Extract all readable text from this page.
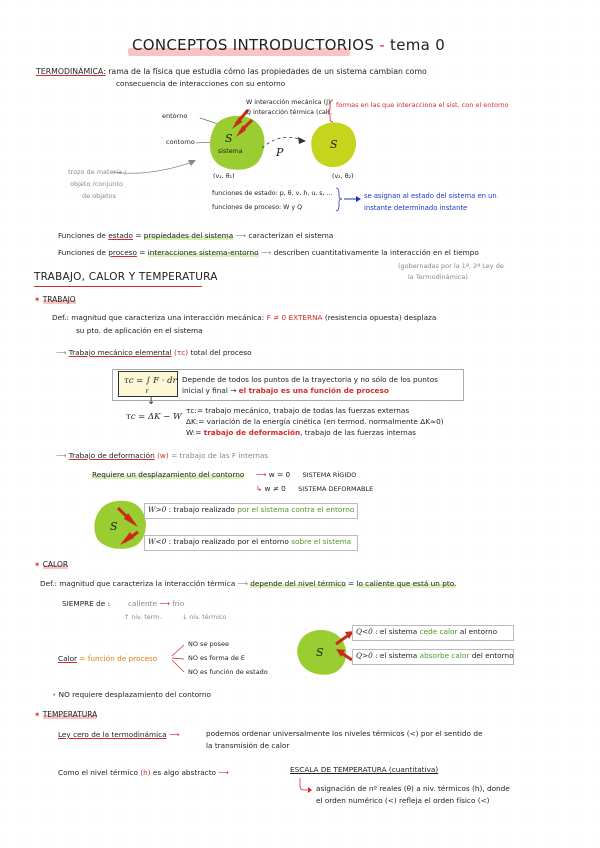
CONCEPTOS INTRODUCTORIOS - tema 0
TERMODINÁMICA: rama de la física que estudia cómo las propiedades de un sistema cambian como
consecuencia de interacciones con su entorno
entorno
contorno	S
sistema
W interacción mecánica (J)
Q interacción térmica (cal).
formas en las que interacciona el sist. con el entorno
P
S
(v₁, θ₁)	(v₂, θ₂)
funciones de estado: p, θ, v, h, u, s, ...
funciones de proceso: W y Q
se asignan al estado del sistema en un
instante determinado instante
trozo de materia /
objeto /conjunto
de objetos
Funciones de estado = propiedades del sistema ⟶ caracterizan el sistema
Funciones de proceso = interacciones sistema-entorno ⟶ describen cuantitativamente la interacción en el tiempo
(gobernadas por la 1ª, 2ª Ley de
la Termodinámica)
TRABAJO, CALOR Y TEMPERATURA
✶ TRABAJO
Def.: magnitud que caracteriza una interacción mecánica: F ≠ 0 EXTERNA (resistencia opuesta) desplaza
su pto. de aplicación en el sistema
⟶ Trabajo mecánico elemental (τc) total del proceso
τc = ∫ F · dr
γ
Depende de todos los puntos de la trayectoria y no sólo de los puntos
inicial y final → el trabajo es una función de proceso
↓
τc = ΔK − W
τc:= trabajo mecánico, trabajo de todas las fuerzas externas
ΔK:= variación de la energía cinética (en termod. normalmente ΔK≈0)
W:= trabajo de deformación, trabajo de las fuerzas internas
⟶ Trabajo de deformación (w) = trabajo de las F internas
Requiere un desplazamiento del contorno ⟶ w = 0 SISTEMA RÍGIDO
↳ w ≠ 0 SISTEMA DEFORMABLE
S
W>0 : trabajo realizado por el sistema contra el entorno
W<0 : trabajo realizado por el entorno sobre el sistema
✶ CALOR
Def.: magnitud que caracteriza la interacción térmica ⟶ depende del nivel térmico = lo caliente que está un pto.
SIEMPRE de : caliente ⟶ frío
↑ niv. term.	↓ niv. térmico
Calor = función de proceso
NO se posee
NO es forma de E
NO es función de estado
S
Q<0 : el sistema cede calor al entorno
Q>0 : el sistema absorbe calor del entorno
• NO requiere desplazamiento del contorno
✶ TEMPERATURA
Ley cero de la termodinámica ⟶	podemos ordenar universalmente los niveles térmicos (<) por el sentido de
la transmisión de calor
Como el nivel térmico (h) es algo abstracto ⟶	ESCALA DE TEMPERATURA (cuantitativa)
asignación de nº reales (θ) a niv. térmicos (h), donde
el orden numérico (<) refleja el orden físico (<)
